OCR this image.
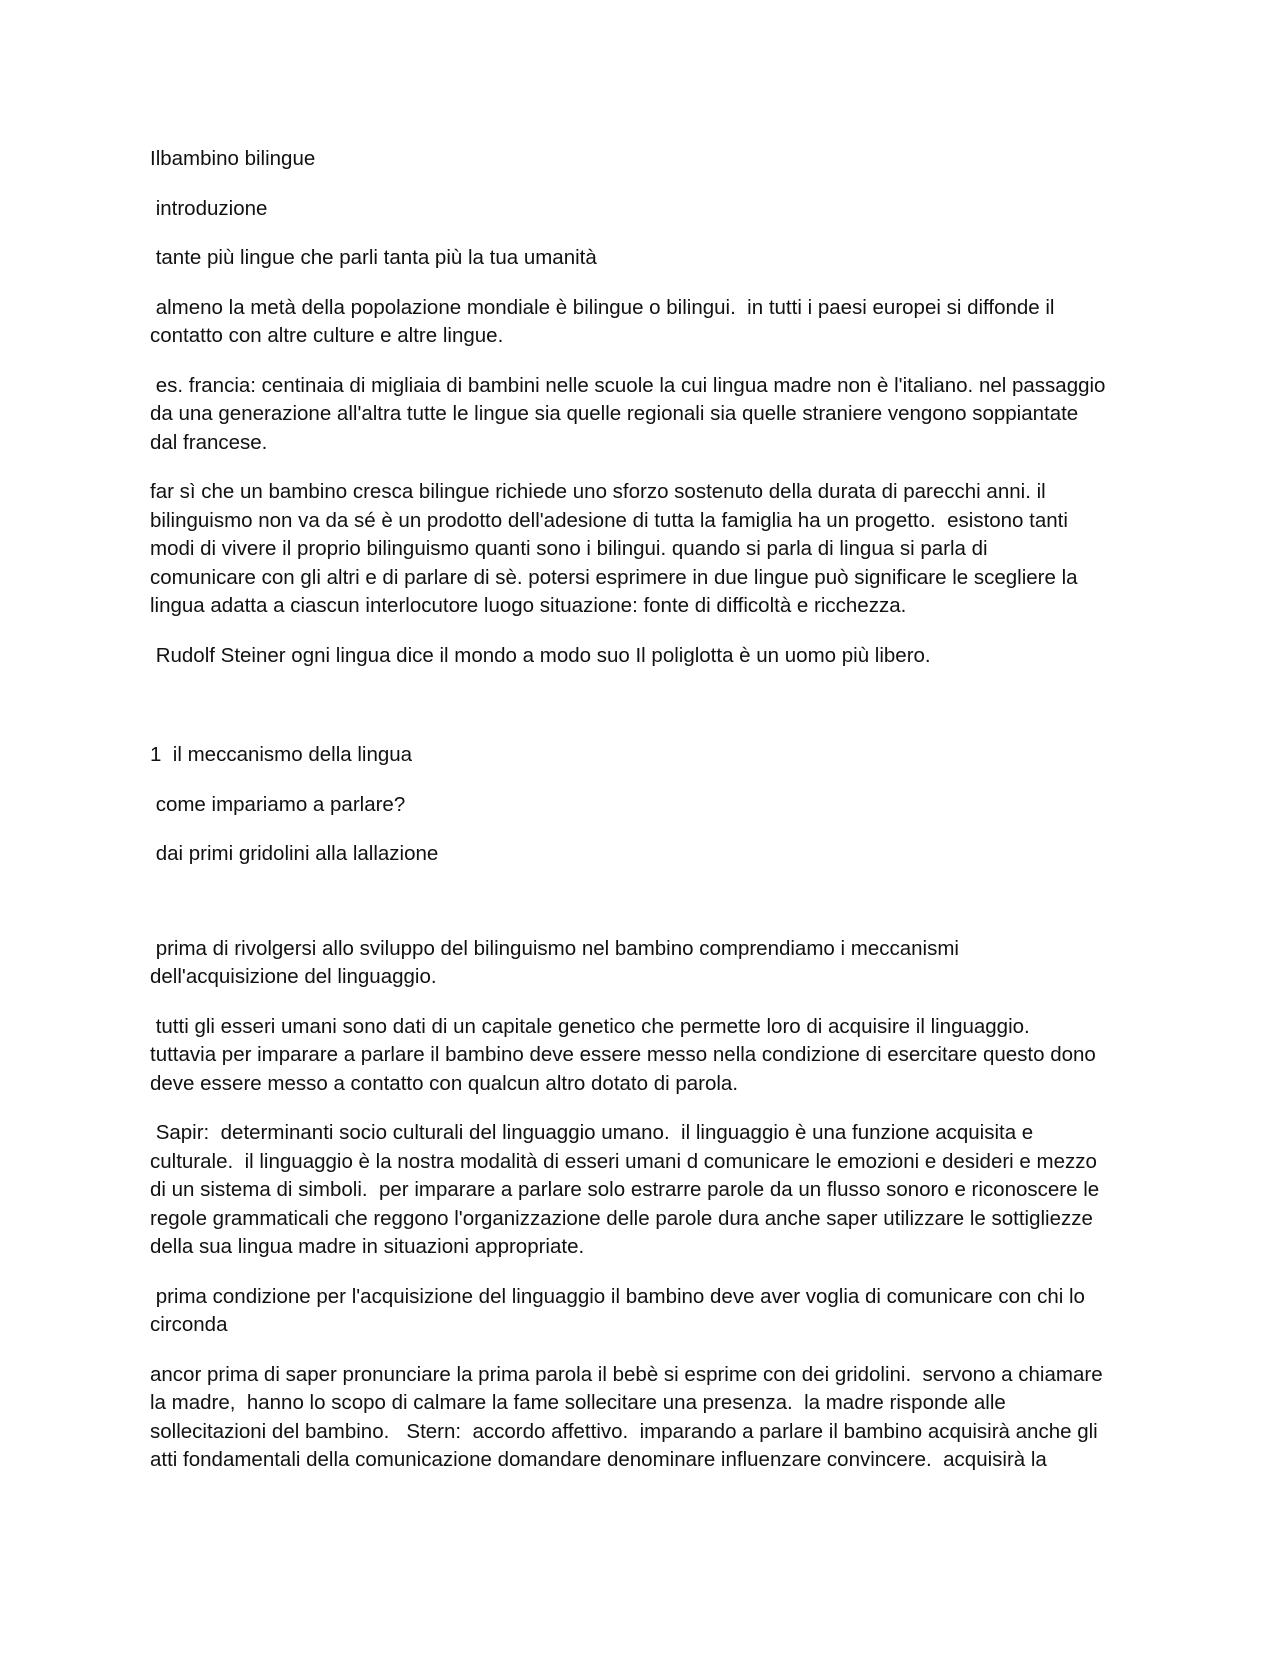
Ilbambino bilingue

introduzione

tante più lingue che parli tanta più la tua umanità

almeno la metà della popolazione mondiale è bilingue o bilingui.  in tutti i paesi europei si diffonde il
contatto con altre culture e altre lingue.

es. francia: centinaia di migliaia di bambini nelle scuole la cui lingua madre non è l'italiano. nel passaggio
da una generazione all'altra tutte le lingue sia quelle regionali sia quelle straniere vengono soppiantate
dal francese.

far sì che un bambino cresca bilingue richiede uno sforzo sostenuto della durata di parecchi anni. il
bilinguismo non va da sé è un prodotto dell'adesione di tutta la famiglia ha un progetto.  esistono tanti
modi di vivere il proprio bilinguismo quanti sono i bilingui. quando si parla di lingua si parla di
comunicare con gli altri e di parlare di sè. potersi esprimere in due lingue può significare le scegliere la
lingua adatta a ciascun interlocutore luogo situazione: fonte di difficoltà e ricchezza.

Rudolf Steiner ogni lingua dice il mondo a modo suo Il poliglotta è un uomo più libero.

1  il meccanismo della lingua

come impariamo a parlare?

dai primi gridolini alla lallazione

prima di rivolgersi allo sviluppo del bilinguismo nel bambino comprendiamo i meccanismi
dell'acquisizione del linguaggio.

tutti gli esseri umani sono dati di un capitale genetico che permette loro di acquisire il linguaggio.
tuttavia per imparare a parlare il bambino deve essere messo nella condizione di esercitare questo dono
deve essere messo a contatto con qualcun altro dotato di parola.

Sapir:  determinanti socio culturali del linguaggio umano.  il linguaggio è una funzione acquisita e
culturale.  il linguaggio è la nostra modalità di esseri umani d comunicare le emozioni e desideri e mezzo
di un sistema di simboli.  per imparare a parlare solo estrarre parole da un flusso sonoro e riconoscere le
regole grammaticali che reggono l'organizzazione delle parole dura anche saper utilizzare le sottigliezze
della sua lingua madre in situazioni appropriate.

prima condizione per l'acquisizione del linguaggio il bambino deve aver voglia di comunicare con chi lo
circonda

ancor prima di saper pronunciare la prima parola il bebè si esprime con dei gridolini.  servono a chiamare
la madre,  hanno lo scopo di calmare la fame sollecitare una presenza.  la madre risponde alle
sollecitazioni del bambino.   Stern:  accordo affettivo.  imparando a parlare il bambino acquisirà anche gli
atti fondamentali della comunicazione domandare denominare influenzare convincere.  acquisirà la
